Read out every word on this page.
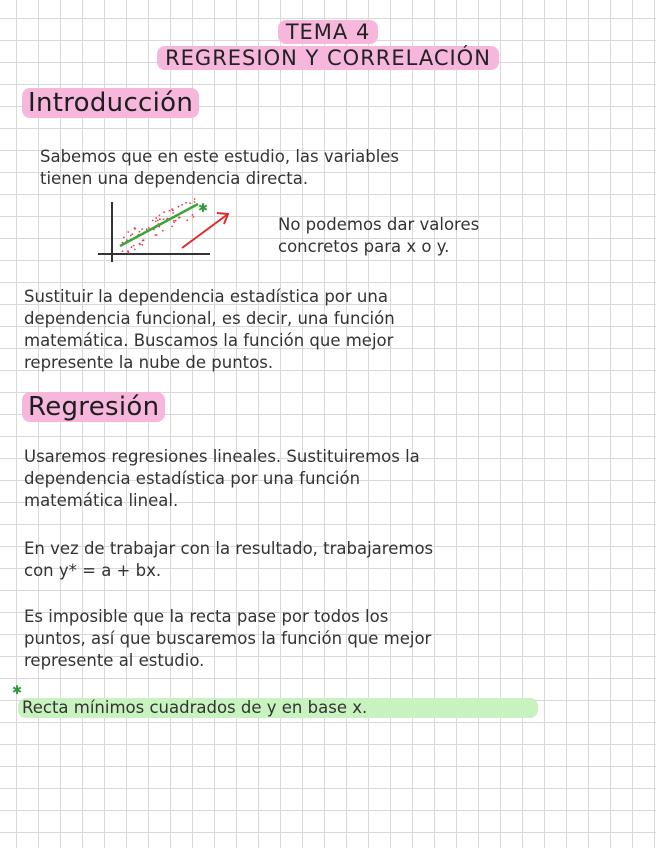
TEMA 4
REGRESION Y CORRELACIÓN
Introducción
Sabemos que en este estudio, las variables
tienen una dependencia directa.
✱
No podemos dar valores
concretos para x o y.
Sustituir la dependencia estadística por una
dependencia funcional, es decir, una función
matemática. Buscamos la función que mejor
represente la nube de puntos.
Regresión
Usaremos regresiones lineales. Sustituiremos la
dependencia estadística por una función
matemática lineal.
En vez de trabajar con la resultado, trabajaremos
con y* = a + bx.
Es imposible que la recta pase por todos los
puntos, así que buscaremos la función que mejor
represente al estudio.
✱
Recta mínimos cuadrados de y en base x.
